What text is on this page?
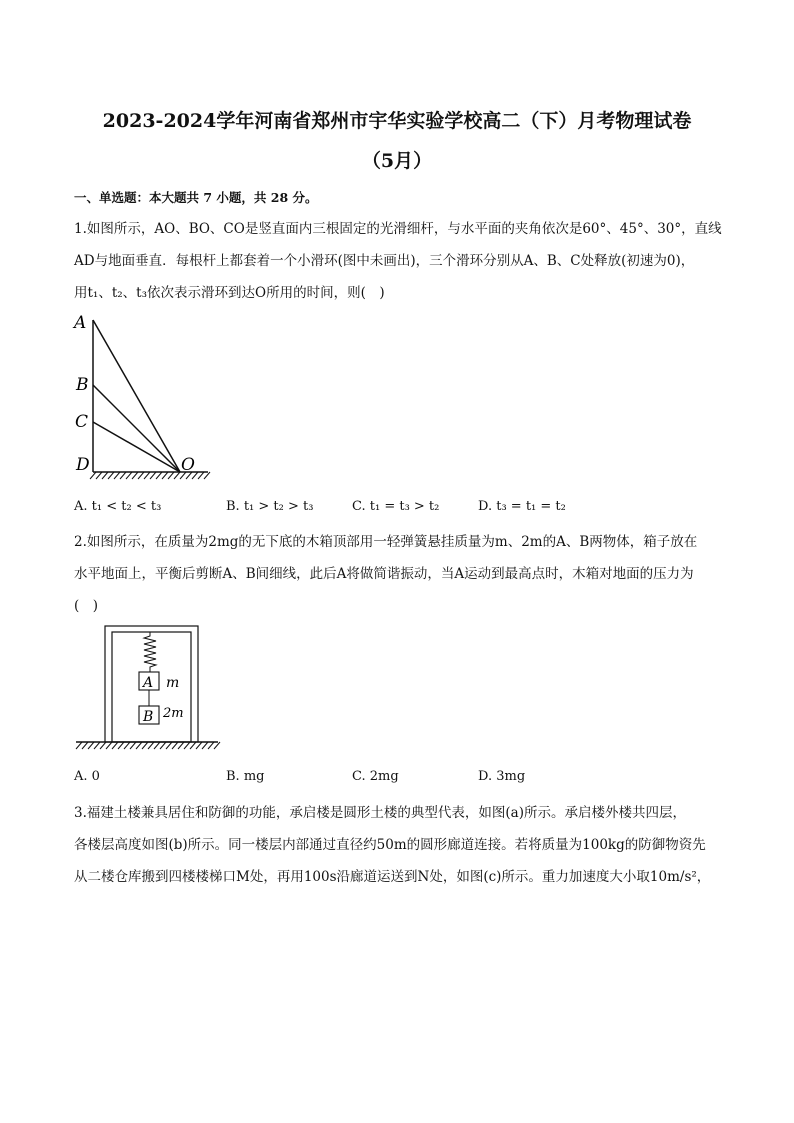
2023-2024学年河南省郑州市宇华实验学校高二（下）月考物理试卷
（5月）
一、单选题：本大题共 7 小题，共 28 分。
1.如图所示，AO、BO、CO是竖直面内三根固定的光滑细杆，与水平面的夹角依次是60°、45°、30°，直线
AD与地面垂直．每根杆上都套着一个小滑环(图中未画出)，三个滑环分别从A、B、C处释放(初速为0)，
用t₁、t₂、t₃依次表示滑环到达O所用的时间，则(　)
A
B
C
D	O
A. t₁ < t₂ < t₃	B. t₁ > t₂ > t₃	C. t₁ = t₃ > t₂	D. t₃ = t₁ = t₂
2.如图所示，在质量为2mg的无下底的木箱顶部用一轻弹簧悬挂质量为m、2m的A、B两物体，箱子放在
水平地面上，平衡后剪断A、B间细线，此后A将做简谐振动，当A运动到最高点时，木箱对地面的压力为
(　)
A m
B 2m
A. 0	B. mg	C. 2mg	D. 3mg
3.福建土楼兼具居住和防御的功能，承启楼是圆形土楼的典型代表，如图(a)所示。承启楼外楼共四层，
各楼层高度如图(b)所示。同一楼层内部通过直径约50m的圆形廊道连接。若将质量为100kg的防御物资先
从二楼仓库搬到四楼楼梯口M处，再用100s沿廊道运送到N处，如图(c)所示。重力加速度大小取10m/s²，
